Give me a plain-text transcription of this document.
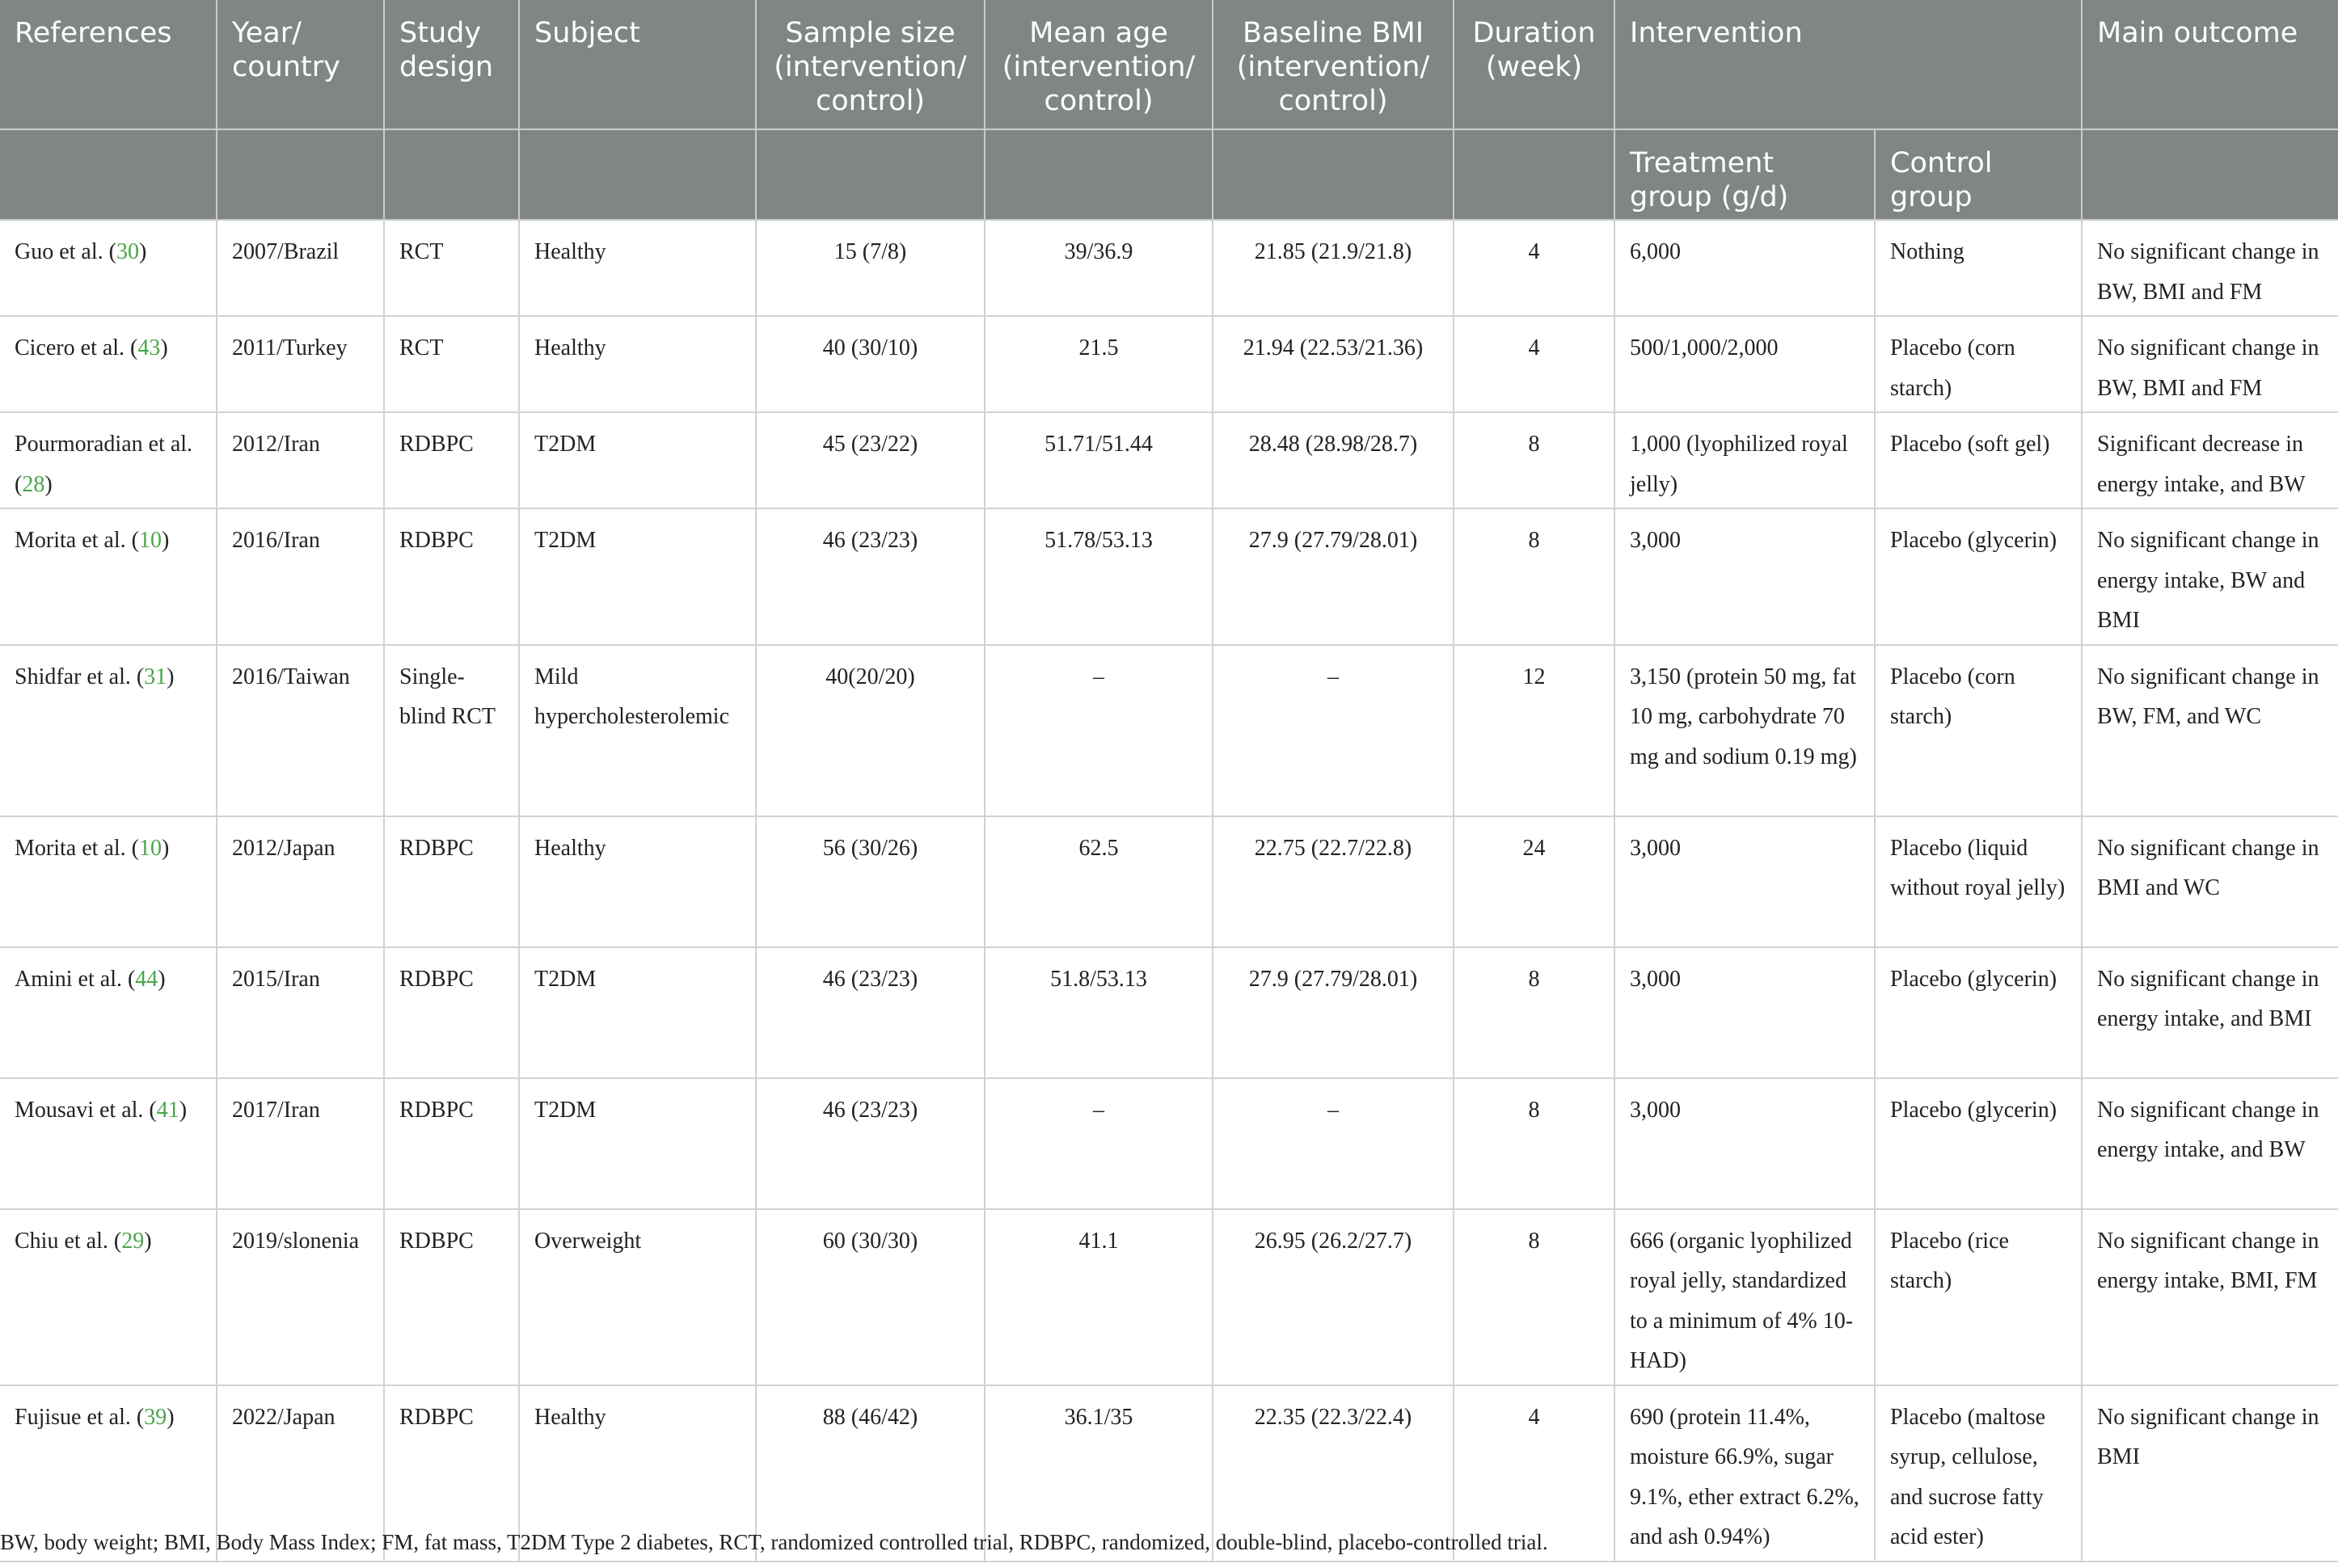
References	Year/ country	Study design	Subject	Sample size (intervention/ control)	Mean age (intervention/ control)	Baseline BMI (intervention/ control)	Duration (week)	Intervention		Main outcome
								Treatment group (g/d)	Control group	
Guo et al. (30)	2007/Brazil	RCT	Healthy	15 (7/8)	39/36.9	21.85 (21.9/21.8)	4	6,000	Nothing	No significant change in BW, BMI and FM
Cicero et al. (43)	2011/Turkey	RCT	Healthy	40 (30/10)	21.5	21.94 (22.53/21.36)	4	500/1,000/2,000	Placebo (corn starch)	No significant change in BW, BMI and FM
Pourmoradian et al. (28)	2012/Iran	RDBPC	T2DM	45 (23/22)	51.71/51.44	28.48 (28.98/28.7)	8	1,000 (lyophilized royal jelly)	Placebo (soft gel)	Significant decrease in energy intake, and BW
Morita et al. (10)	2016/Iran	RDBPC	T2DM	46 (23/23)	51.78/53.13	27.9 (27.79/28.01)	8	3,000	Placebo (glycerin)	No significant change in energy intake, BW and BMI
Shidfar et al. (31)	2016/Taiwan	Single-blind RCT	Mild hypercholesterolemic	40(20/20)	–	–	12	3,150 (protein 50 mg, fat 10 mg, carbohydrate 70 mg and sodium 0.19 mg)	Placebo (corn starch)	No significant change in BW, FM, and WC
Morita et al. (10)	2012/Japan	RDBPC	Healthy	56 (30/26)	62.5	22.75 (22.7/22.8)	24	3,000	Placebo (liquid without royal jelly)	No significant change in BMI and WC
Amini et al. (44)	2015/Iran	RDBPC	T2DM	46 (23/23)	51.8/53.13	27.9 (27.79/28.01)	8	3,000	Placebo (glycerin)	No significant change in energy intake, and BMI
Mousavi et al. (41)	2017/Iran	RDBPC	T2DM	46 (23/23)	–	–	8	3,000	Placebo (glycerin)	No significant change in energy intake, and BW
Chiu et al. (29)	2019/slonenia	RDBPC	Overweight	60 (30/30)	41.1	26.95 (26.2/27.7)	8	666 (organic lyophilized royal jelly, standardized to a minimum of 4% 10-HAD)	Placebo (rice starch)	No significant change in energy intake, BMI, FM
Fujisue et al. (39)	2022/Japan	RDBPC	Healthy	88 (46/42)	36.1/35	22.35 (22.3/22.4)	4	690 (protein 11.4%, moisture 66.9%, sugar 9.1%, ether extract 6.2%, and ash 0.94%)	Placebo (maltose syrup, cellulose, and sucrose fatty acid ester)	No significant change in BMI
BW, body weight; BMI, Body Mass Index; FM, fat mass, T2DM Type 2 diabetes, RCT, randomized controlled trial, RDBPC, randomized, double-blind, placebo-controlled trial.
